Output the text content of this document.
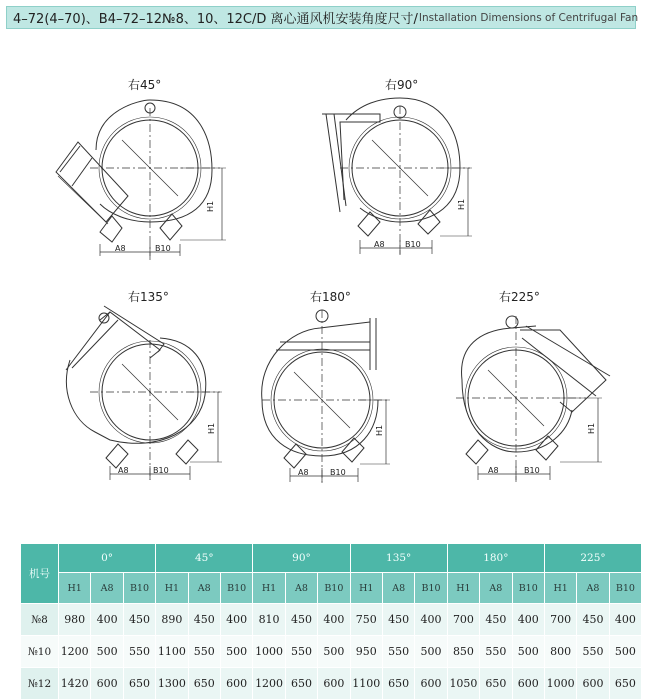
4–72(4–70)、B4–72–12№8、10、12C/D 离心通风机安装角度尺寸/ Installation Dimensions of Centrifugal Fan
右45°
A8	B10
H1
右90°
A8	B10
H1
右135°
A8	B10
H1
右180°
A8	B10
H1
右225°
A8	B10
H1
机号	0°			45°			90°			135°			180°			225°		
	H1	A8	B10	H1	A8	B10	H1	A8	B10	H1	A8	B10	H1	A8	B10	H1	A8	B10
№8	980	400	450	890	450	400	810	450	400	750	450	400	700	450	400	700	450	400
№10	1200	500	550	1100	550	500	1000	550	500	950	550	500	850	550	500	800	550	500
№12	1420	600	650	1300	650	600	1200	650	600	1100	650	600	1050	650	600	1000	600	650
